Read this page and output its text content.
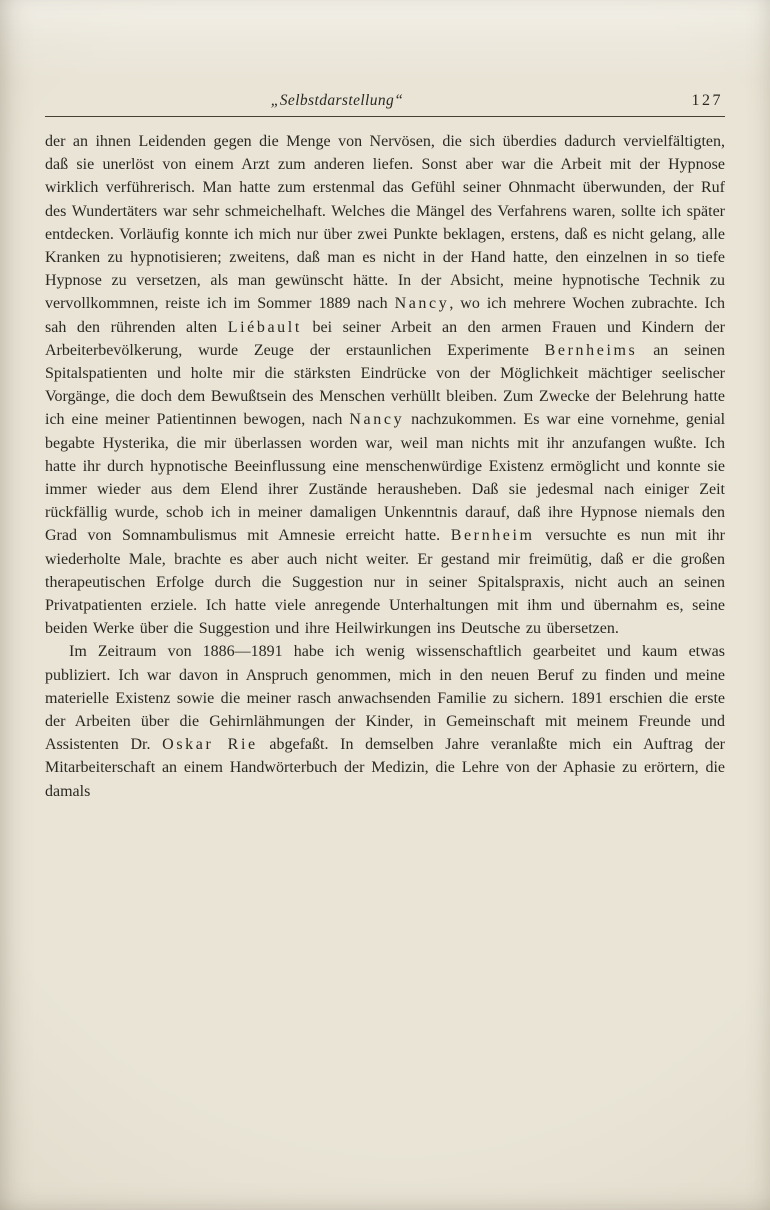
„Selbstdarstellung“	127

der an ihnen Leidenden gegen die Menge von Nervösen, die sich überdies dadurch vervielfältigten, daß sie unerlöst von einem Arzt zum anderen liefen. Sonst aber war die Arbeit mit der Hypnose wirklich verführerisch. Man hatte zum erstenmal das Gefühl seiner Ohnmacht überwunden, der Ruf des Wundertäters war sehr schmeichelhaft. Welches die Mängel des Verfahrens waren, sollte ich später entdecken. Vorläufig konnte ich mich nur über zwei Punkte beklagen, erstens, daß es nicht gelang, alle Kranken zu hypnotisieren; zweitens, daß man es nicht in der Hand hatte, den einzelnen in so tiefe Hypnose zu versetzen, als man gewünscht hätte. In der Absicht, meine hypnotische Technik zu vervollkommnen, reiste ich im Sommer 1889 nach Nancy, wo ich mehrere Wochen zubrachte. Ich sah den rührenden alten Liébault bei seiner Arbeit an den armen Frauen und Kindern der Arbeiterbevölkerung, wurde Zeuge der erstaunlichen Experimente Bernheims an seinen Spitalspatienten und holte mir die stärksten Eindrücke von der Möglichkeit mächtiger seelischer Vorgänge, die doch dem Bewußtsein des Menschen verhüllt bleiben. Zum Zwecke der Belehrung hatte ich eine meiner Patientinnen bewogen, nach Nancy nachzukommen. Es war eine vornehme, genial begabte Hysterika, die mir überlassen worden war, weil man nichts mit ihr anzufangen wußte. Ich hatte ihr durch hypnotische Beeinflussung eine menschenwürdige Existenz ermöglicht und konnte sie immer wieder aus dem Elend ihrer Zustände herausheben. Daß sie jedesmal nach einiger Zeit rückfällig wurde, schob ich in meiner damaligen Unkenntnis darauf, daß ihre Hypnose niemals den Grad von Somnambulismus mit Amnesie erreicht hatte. Bernheim versuchte es nun mit ihr wiederholte Male, brachte es aber auch nicht weiter. Er gestand mir freimütig, daß er die großen therapeutischen Erfolge durch die Suggestion nur in seiner Spitalspraxis, nicht auch an seinen Privatpatienten erziele. Ich hatte viele anregende Unterhaltungen mit ihm und übernahm es, seine beiden Werke über die Suggestion und ihre Heilwirkungen ins Deutsche zu übersetzen.

Im Zeitraum von 1886—1891 habe ich wenig wissenschaftlich gearbeitet und kaum etwas publiziert. Ich war davon in Anspruch genommen, mich in den neuen Beruf zu finden und meine materielle Existenz sowie die meiner rasch anwachsenden Familie zu sichern. 1891 erschien die erste der Arbeiten über die Gehirnlähmungen der Kinder, in Gemeinschaft mit meinem Freunde und Assistenten Dr. Oskar Rie abgefaßt. In demselben Jahre veranlaßte mich ein Auftrag der Mitarbeiterschaft an einem Handwörterbuch der Medizin, die Lehre von der Aphasie zu erörtern, die damals
